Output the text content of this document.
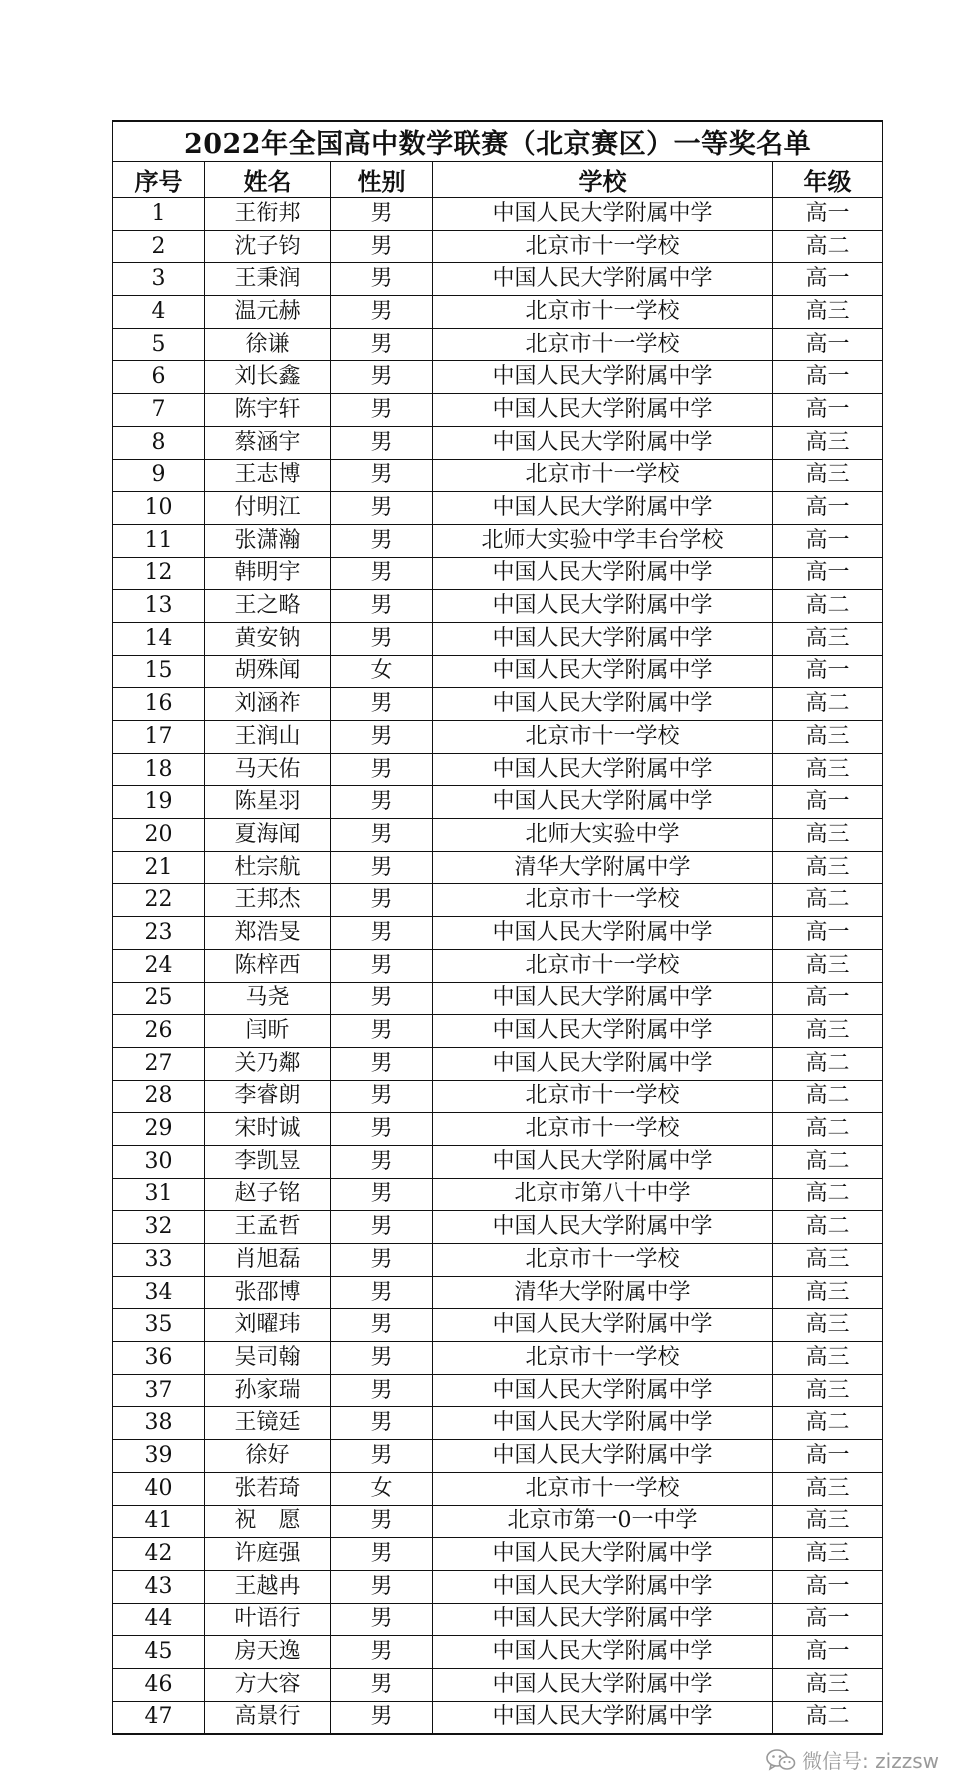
2022年全国高中数学联赛（北京赛区）一等奖名单				
序号	姓名	性别	学校	年级
1	王衔邦	男	中国人民大学附属中学	高一
2	沈子钧	男	北京市十一学校	高二
3	王秉润	男	中国人民大学附属中学	高一
4	温元赫	男	北京市十一学校	高三
5	徐谦	男	北京市十一学校	高一
6	刘长鑫	男	中国人民大学附属中学	高一
7	陈宇轩	男	中国人民大学附属中学	高一
8	蔡涵宇	男	中国人民大学附属中学	高三
9	王志博	男	北京市十一学校	高三
10	付明江	男	中国人民大学附属中学	高一
11	张潇瀚	男	北师大实验中学丰台学校	高一
12	韩明宇	男	中国人民大学附属中学	高一
13	王之略	男	中国人民大学附属中学	高二
14	黄安钠	男	中国人民大学附属中学	高三
15	胡殊闻	女	中国人民大学附属中学	高一
16	刘涵祚	男	中国人民大学附属中学	高二
17	王润山	男	北京市十一学校	高三
18	马天佑	男	中国人民大学附属中学	高三
19	陈星羽	男	中国人民大学附属中学	高一
20	夏海闻	男	北师大实验中学	高三
21	杜宗航	男	清华大学附属中学	高三
22	王邦杰	男	北京市十一学校	高二
23	郑浩旻	男	中国人民大学附属中学	高一
24	陈梓西	男	北京市十一学校	高三
25	马尧	男	中国人民大学附属中学	高一
26	闫昕	男	中国人民大学附属中学	高三
27	关乃鄰	男	中国人民大学附属中学	高二
28	李睿朗	男	北京市十一学校	高二
29	宋时诚	男	北京市十一学校	高二
30	李凯昱	男	中国人民大学附属中学	高二
31	赵子铭	男	北京市第八十中学	高二
32	王孟哲	男	中国人民大学附属中学	高二
33	肖旭磊	男	北京市十一学校	高三
34	张邵博	男	清华大学附属中学	高三
35	刘曜玮	男	中国人民大学附属中学	高三
36	吴司翰	男	北京市十一学校	高三
37	孙家瑞	男	中国人民大学附属中学	高三
38	王镜廷	男	中国人民大学附属中学	高二
39	徐好	男	中国人民大学附属中学	高一
40	张若琦	女	北京市十一学校	高三
41	祝　愿	男	北京市第一0一中学	高三
42	许庭强	男	中国人民大学附属中学	高三
43	王越冉	男	中国人民大学附属中学	高一
44	叶语行	男	中国人民大学附属中学	高一
45	房天逸	男	中国人民大学附属中学	高一
46	方大容	男	中国人民大学附属中学	高三
47	高景行	男	中国人民大学附属中学	高二
微信号: zizzsw
